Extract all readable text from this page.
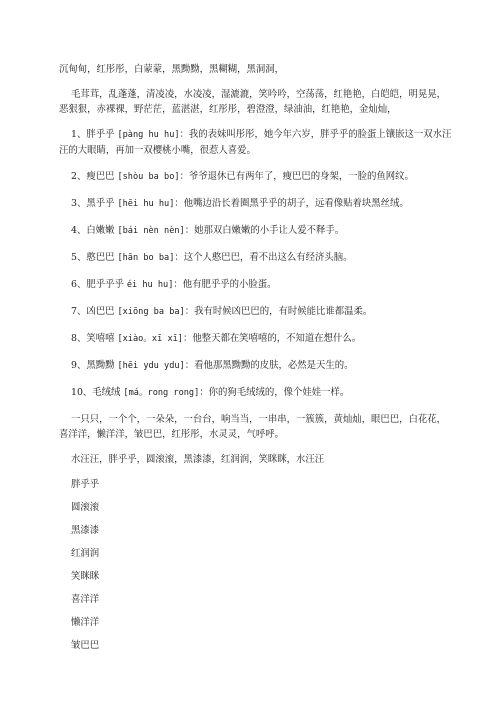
沉甸甸，红彤彤，白蒙蒙，黑黝黝，黑糊糊，黑洞洞，

毛茸茸，乱蓬蓬，清凌凌，水凌凌，湿漉漉，笑吟吟，空荡荡，红艳艳，白皑皑，明晃晃，恶狠狠，赤裸裸，野茫茫，蓝湛湛，红彤彤，碧澄澄，绿油油，红艳艳，金灿灿，

1、胖乎乎 [pàng hu hu]：我的表妹叫彤彤，她今年六岁，胖乎乎的脸蛋上镶嵌这一双水汪汪的大眼睛，再加一双樱桃小嘴，很惹人喜爱。

2、瘦巴巴 [shòu ba bo]：爷爷退休已有两年了，瘦巴巴的身架，一脸的鱼网纹。

3、黑乎乎 [hēi hu hu]：他嘴边沿长着圈黑乎乎的胡子，远看像贴着块黑丝绒。

4、白嫩嫩 [bái nèn nèn]：她那双白嫩嫩的小手让人爱不释手。

5、憨巴巴 [hān bo ba]：这个人憨巴巴，看不出这么有经济头脑。

6、肥乎乎乎 éi hu hu]：他有肥乎乎的小脸蛋。

7、凶巴巴 [xiōng ba ba]：我有时候凶巴巴的，有时候能比谁都温柔。

8、笑嘻嘻 [xiào。xī xī]：他整天都在笑嘻嘻的，不知道在想什么。

9、黑黝黝 [hēi ydu ydu]：看他那黑黝黝的皮肤，必然是天生的。

10、毛绒绒 [má。rong rong]：你的狗毛绒绒的，像个娃娃一样。

一只只，一个个，一朵朵，一台台，响当当，一串串，一簇簇，黄灿灿，眼巴巴，白花花，喜洋洋，懒洋洋，皱巴巴，红彤彤，水灵灵，气呼呼。

水汪汪，胖乎乎，圆滚滚，黑漆漆，红润润，笑眯眯，水汪汪

胖乎乎

圆滚滚

黑漆漆

红润润

笑眯眯

喜洋洋

懒洋洋

皱巴巴
